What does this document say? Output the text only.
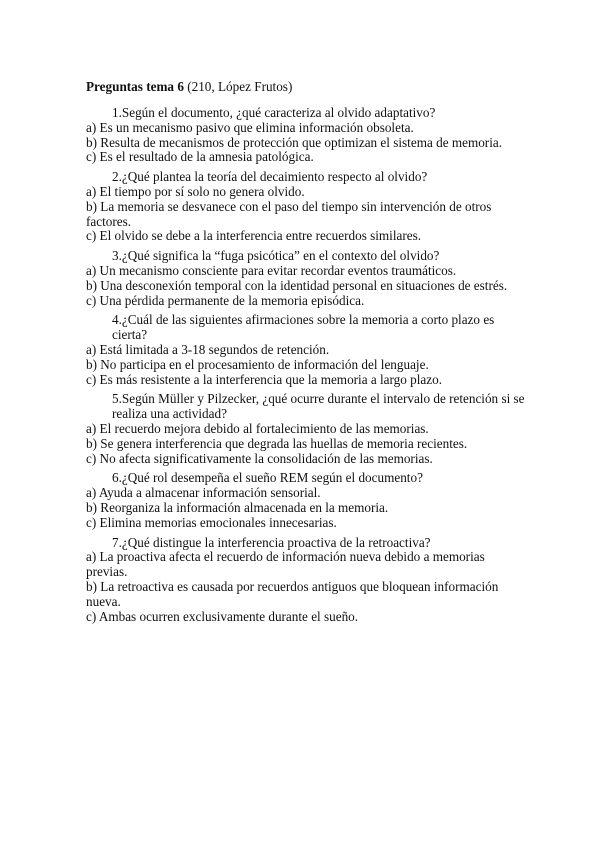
Preguntas tema 6 (210, López Frutos)

1.Según el documento, ¿qué caracteriza al olvido adaptativo?

a) Es un mecanismo pasivo que elimina información obsoleta.

b) Resulta de mecanismos de protección que optimizan el sistema de memoria.

c) Es el resultado de la amnesia patológica.

2.¿Qué plantea la teoría del decaimiento respecto al olvido?

a) El tiempo por sí solo no genera olvido.

b) La memoria se desvanece con el paso del tiempo sin intervención de otros factores.

c) El olvido se debe a la interferencia entre recuerdos similares.

3.¿Qué significa la “fuga psicótica” en el contexto del olvido?

a) Un mecanismo consciente para evitar recordar eventos traumáticos.

b) Una desconexión temporal con la identidad personal en situaciones de estrés.

c) Una pérdida permanente de la memoria episódica.

4.¿Cuál de las siguientes afirmaciones sobre la memoria a corto plazo es cierta?

a) Está limitada a 3-18 segundos de retención.

b) No participa en el procesamiento de información del lenguaje.

c) Es más resistente a la interferencia que la memoria a largo plazo.

5.Según Müller y Pilzecker, ¿qué ocurre durante el intervalo de retención si se realiza una actividad?

a) El recuerdo mejora debido al fortalecimiento de las memorias.

b) Se genera interferencia que degrada las huellas de memoria recientes.

c) No afecta significativamente la consolidación de las memorias.

6.¿Qué rol desempeña el sueño REM según el documento?

a) Ayuda a almacenar información sensorial.

b) Reorganiza la información almacenada en la memoria.

c) Elimina memorias emocionales innecesarias.

7.¿Qué distingue la interferencia proactiva de la retroactiva?

a) La proactiva afecta el recuerdo de información nueva debido a memorias previas.

b) La retroactiva es causada por recuerdos antiguos que bloquean información nueva.

c) Ambas ocurren exclusivamente durante el sueño.
